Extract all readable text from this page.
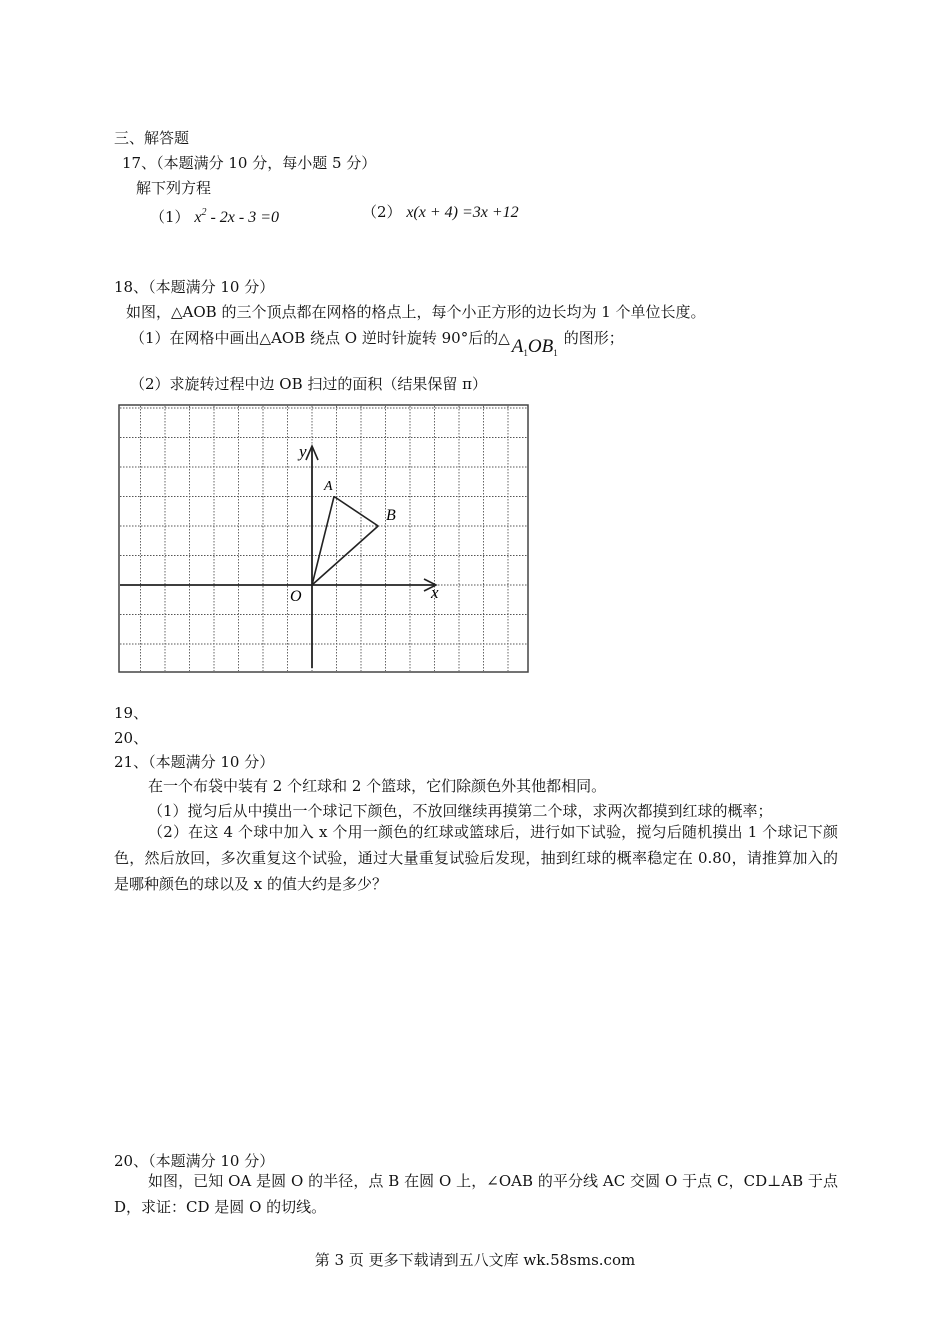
三、解答题
17、（本题满分 10 分，每小题 5 分）
解下列方程
（1） $x^2 - 2x - 3 =0$	（2） x(x + 4) =3x +12
18、（本题满分 10 分）
如图，△AOB 的三个顶点都在网格的格点上，每个小正方形的边长均为 1 个单位长度。
（1）在网格中画出△AOB 绕点 O 逆时针旋转 90°后的△ $A_1OB_1$的图形；
（2）求旋转过程中边 OB 扫过的面积（结果保留 π）
y
x
O
A
B
19、
20、
21、（本题满分 10 分）
在一个布袋中装有 2 个红球和 2 个篮球，它们除颜色外其他都相同。
（1）搅匀后从中摸出一个球记下颜色，不放回继续再摸第二个球，求两次都摸到红球的概率；
（2）在这 4 个球中加入 x 个用一颜色的红球或篮球后，进行如下试验，搅匀后随机摸出 1 个球记下颜色，然后放回，多次重复这个试验，通过大量重复试验后发现，抽到红球的概率稳定在 0.80，请推算加入的是哪种颜色的球以及 x 的值大约是多少？
20、（本题满分 10 分）
如图，已知 OA 是圆 O 的半径，点 B 在圆 O 上，∠OAB 的平分线 AC 交圆 O 于点 C，CD⊥AB 于点 D，求证：CD 是圆 O 的切线。
第 3 页 更多下载请到五八文库 wk.58sms.com
